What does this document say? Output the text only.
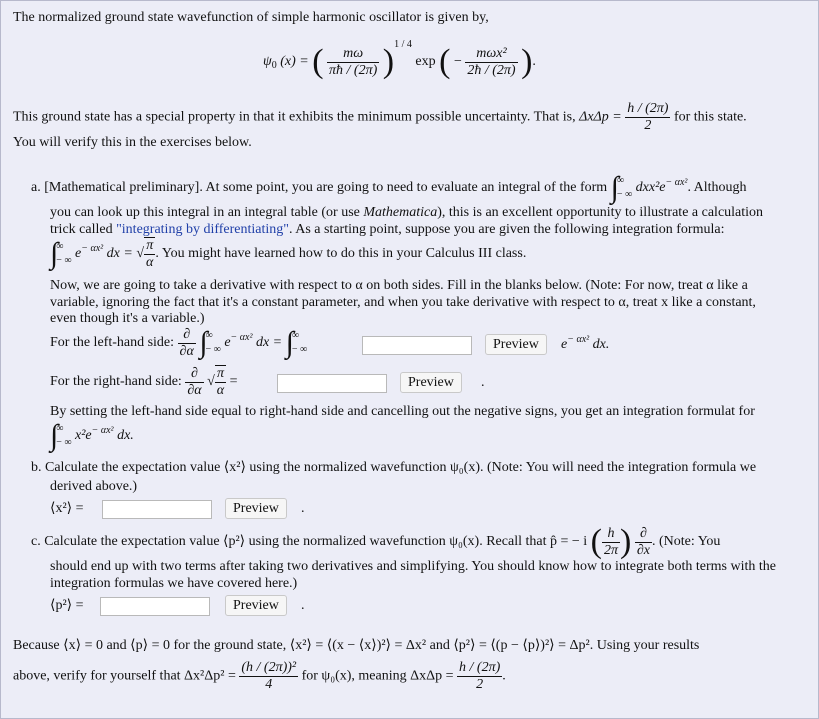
The normalized ground state wavefunction of simple harmonic oscillator is given by,
$\psi_0$ (x) = ( $\frac{m\omega}{\pi ħ / (2\pi)} )^{1 / 4}$ exp ( − $\frac{\text{mωx²}}{2ħ / (2\pi)}$ ).
This ground state has a special property in that it exhibits the minimum possible uncertainty. That is, $\Delta x\Delta p = \frac{h / (2\pi)}{2}$ for this state.
You will verify this in the exercises below.
a. [Mathematical preliminary]. At some point, you are going to need to evaluate an integral of the form ∫∞
− ∞ $dxx^2e^{- \alpha x^2}$. Although
you can look up this integral in an integral table (or use Mathematica), this is an excellent opportunity to illustrate a calculation
trick called "integrating by differentiating". As a starting point, suppose you are given the following integration formula:
∫∞
− ∞ $e^{- \alpha x^2}$ dx = √ $\frac{\pi}{\alpha}$ . You might have learned how to do this in your Calculus III class.
Now, we are going to take a derivative with respect to α on both sides. Fill in the blanks below. (Note: For now, treat α like a
variable, ignoring the fact that it's a constant parameter, and when you take derivative with respect to α, treat x like a constant,
even though it's a variable.)
For the left-hand side: $\frac{\partial}{\partial\alpha}$ ∫∞
− ∞ $e^{- \alpha x^2}$ dx = ∫∞
− ∞	Preview	$e^{- \alpha x^2}$ dx.
For the right-hand side: $\frac{\partial}{\partial\alpha}$ √ $\frac{\pi}{\alpha}$ =	Preview	.
By setting the left-hand side equal to right-hand side and cancelling out the negative signs, you get an integration formulat for
∫∞
− ∞ $x^2e^{- \alpha x^2}$ dx.
b. Calculate the expectation value ⟨x²⟩ using the normalized wavefunction ψ₀(x). (Note: You will need the integration formula we
derived above.)
⟨x²⟩ =	Preview	.
c. Calculate the expectation value ⟨p²⟩ using the normalized wavefunction ψ₀(x). Recall that p̂ = − i ( $\frac{h}{2\pi}$ ) $\frac{\partial}{\partial x}$ . (Note: You
should end up with two terms after taking two derivatives and simplifying. You should know how to integrate both terms with the
integration formulas we have covered here.)
⟨p²⟩ =	Preview	.
Because ⟨x⟩ = 0 and ⟨p⟩ = 0 for the ground state, ⟨x²⟩ = ⟨(x − ⟨x⟩)²⟩ = Δx² and ⟨p²⟩ = ⟨(p − ⟨p⟩)²⟩ = Δp². Using your results
above, verify for yourself that $\Delta x^2\Delta p^2 = \frac{\text{(h / (2π))²}}{4}$ for ψ₀(x), meaning $\Delta x\Delta p = \frac{h / (2\pi)}{2}$ .
